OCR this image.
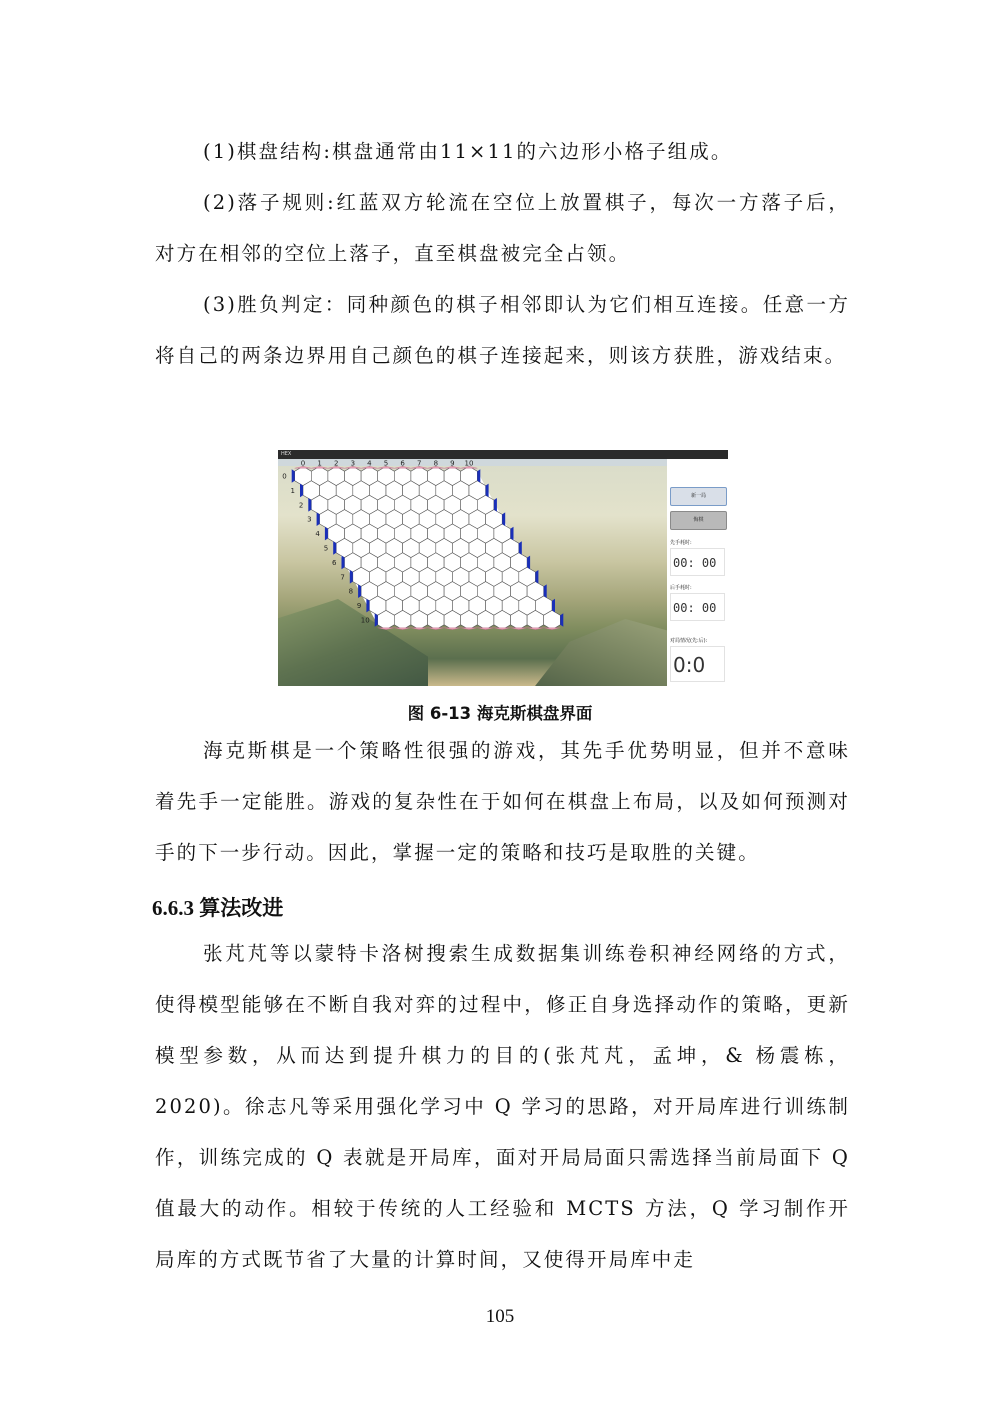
(1)棋盘结构:棋盘通常由11×11的六边形小格子组成。

(2)落子规则:红蓝双方轮流在空位上放置棋子，每次一方落子后，对方在相邻的空位上落子，直至棋盘被完全占领。

(3)胜负判定：同种颜色的棋子相邻即认为它们相互连接。任意一方将自己的两条边界用自己颜色的棋子连接起来，则该方获胜，游戏结束。

HEX
0 1 2 3 4 5 6 7 8 9 10
0
1
2
3
4
5
6
7
8
9
10
新一局
悔棋
先手耗时:
00: 00
后手耗时:
00: 00
对局情况(先:后):
0:0
图 6-13 海克斯棋盘界面

海克斯棋是一个策略性很强的游戏，其先手优势明显，但并不意味着先手一定能胜。游戏的复杂性在于如何在棋盘上布局，以及如何预测对手的下一步行动。因此，掌握一定的策略和技巧是取胜的关键。

6.6.3 算法改进

张芃芃等以蒙特卡洛树搜索生成数据集训练卷积神经网络的方式，使得模型能够在不断自我对弈的过程中，修正自身选择动作的策略，更新模型参数，从而达到提升棋力的目的(张芃芃，孟坤，& 杨震栋，2020)。徐志凡等采用强化学习中 Q 学习的思路，对开局库进行训练制作，训练完成的 Q 表就是开局库，面对开局局面只需选择当前局面下 Q 值最大的动作。相较于传统的人工经验和 MCTS 方法，Q 学习制作开局库的方式既节省了大量的计算时间，又使得开局库中走

105
